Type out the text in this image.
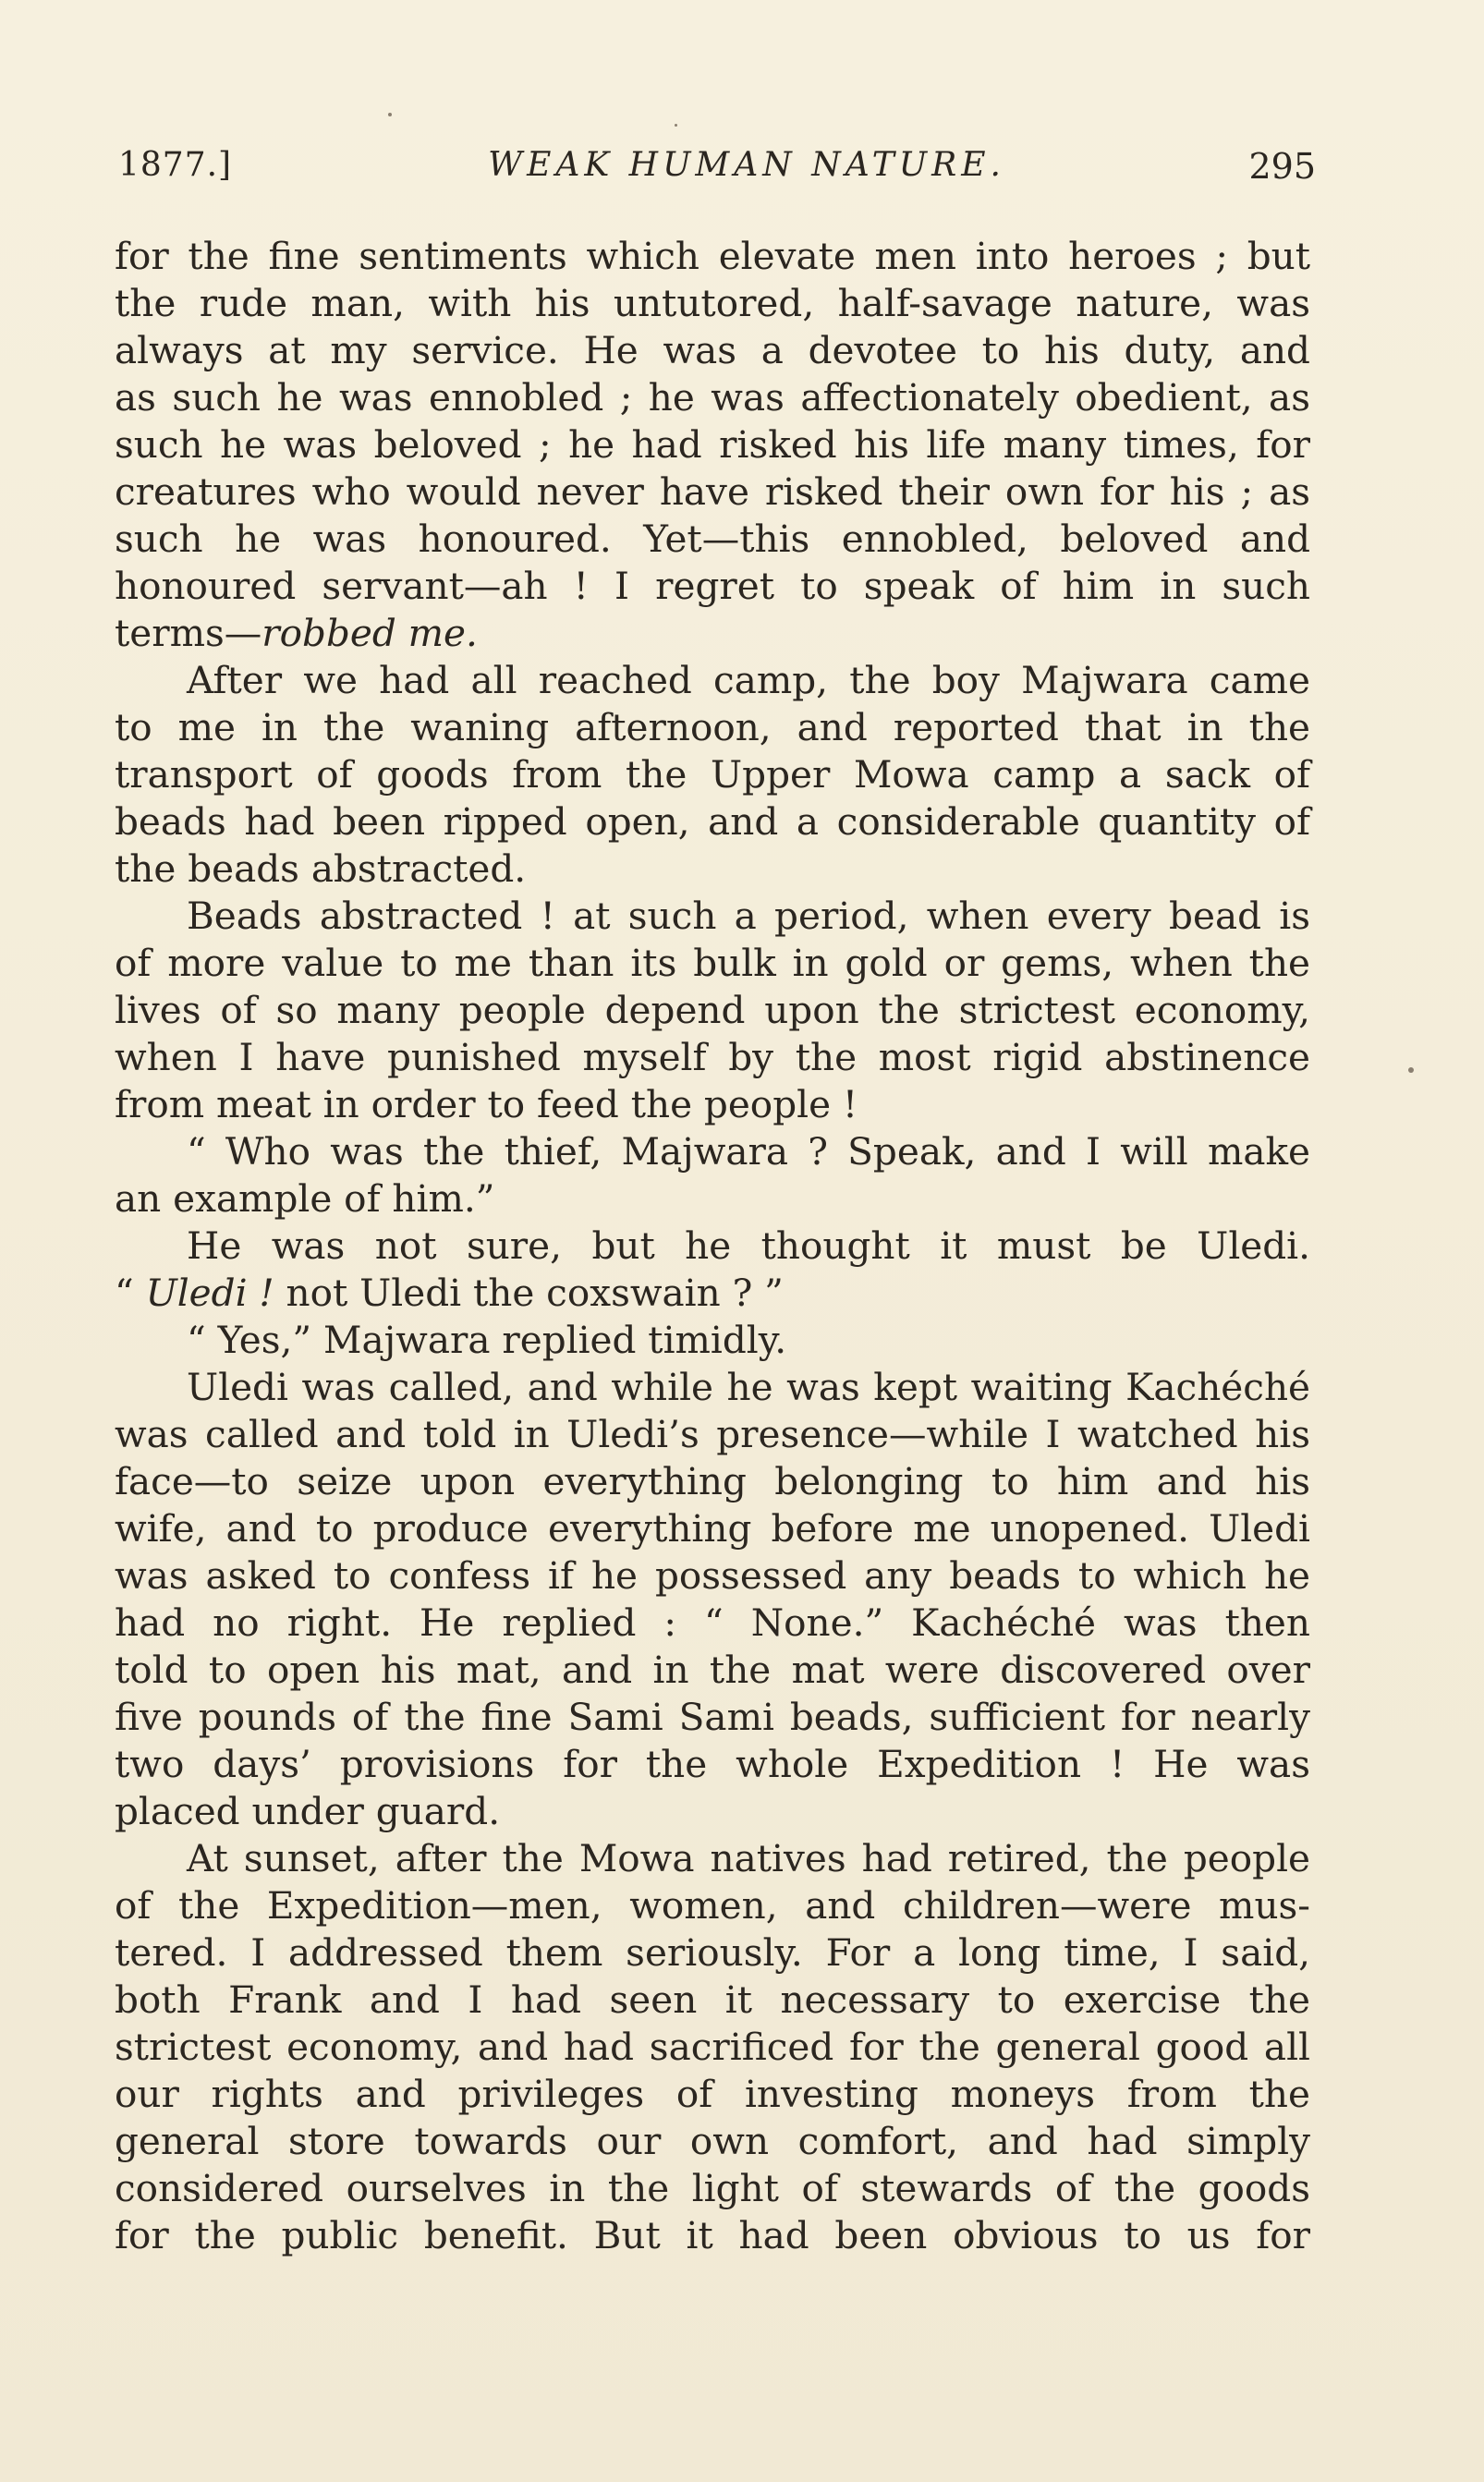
1877.]	WEAK HUMAN NATURE.	295
for the fine sentiments which elevate men into heroes ; but
the rude man, with his untutored, half-savage nature, was
always at my service. He was a devotee to his duty, and
as such he was ennobled ; he was affectionately obedient, as
such he was beloved ; he had risked his life many times, for
creatures who would never have risked their own for his ; as
such he was honoured. Yet—this ennobled, beloved and
honoured servant—ah ! I regret to speak of him in such
terms—robbed me.
After we had all reached camp, the boy Majwara came
to me in the waning afternoon, and reported that in the
transport of goods from the Upper Mowa camp a sack of
beads had been ripped open, and a considerable quantity of
the beads abstracted.
Beads abstracted ! at such a period, when every bead is
of more value to me than its bulk in gold or gems, when the
lives of so many people depend upon the strictest economy,
when I have punished myself by the most rigid abstinence
from meat in order to feed the people !
“ Who was the thief, Majwara ? Speak, and I will make
an example of him.”
He was not sure, but he thought it must be Uledi.
“ Uledi ! not Uledi the coxswain ? ”
“ Yes,” Majwara replied timidly.
Uledi was called, and while he was kept waiting Kachéché
was called and told in Uledi’s presence—while I watched his
face—to seize upon everything belonging to him and his
wife, and to produce everything before me unopened. Uledi
was asked to confess if he possessed any beads to which he
had no right. He replied : “ None.” Kachéché was then
told to open his mat, and in the mat were discovered over
five pounds of the fine Sami Sami beads, sufficient for nearly
two days’ provisions for the whole Expedition ! He was
placed under guard.
At sunset, after the Mowa natives had retired, the people
of the Expedition—men, women, and children—were mus-
tered. I addressed them seriously. For a long time, I said,
both Frank and I had seen it necessary to exercise the
strictest economy, and had sacrificed for the general good all
our rights and privileges of investing moneys from the
general store towards our own comfort, and had simply
considered ourselves in the light of stewards of the goods
for the public benefit. But it had been obvious to us for
